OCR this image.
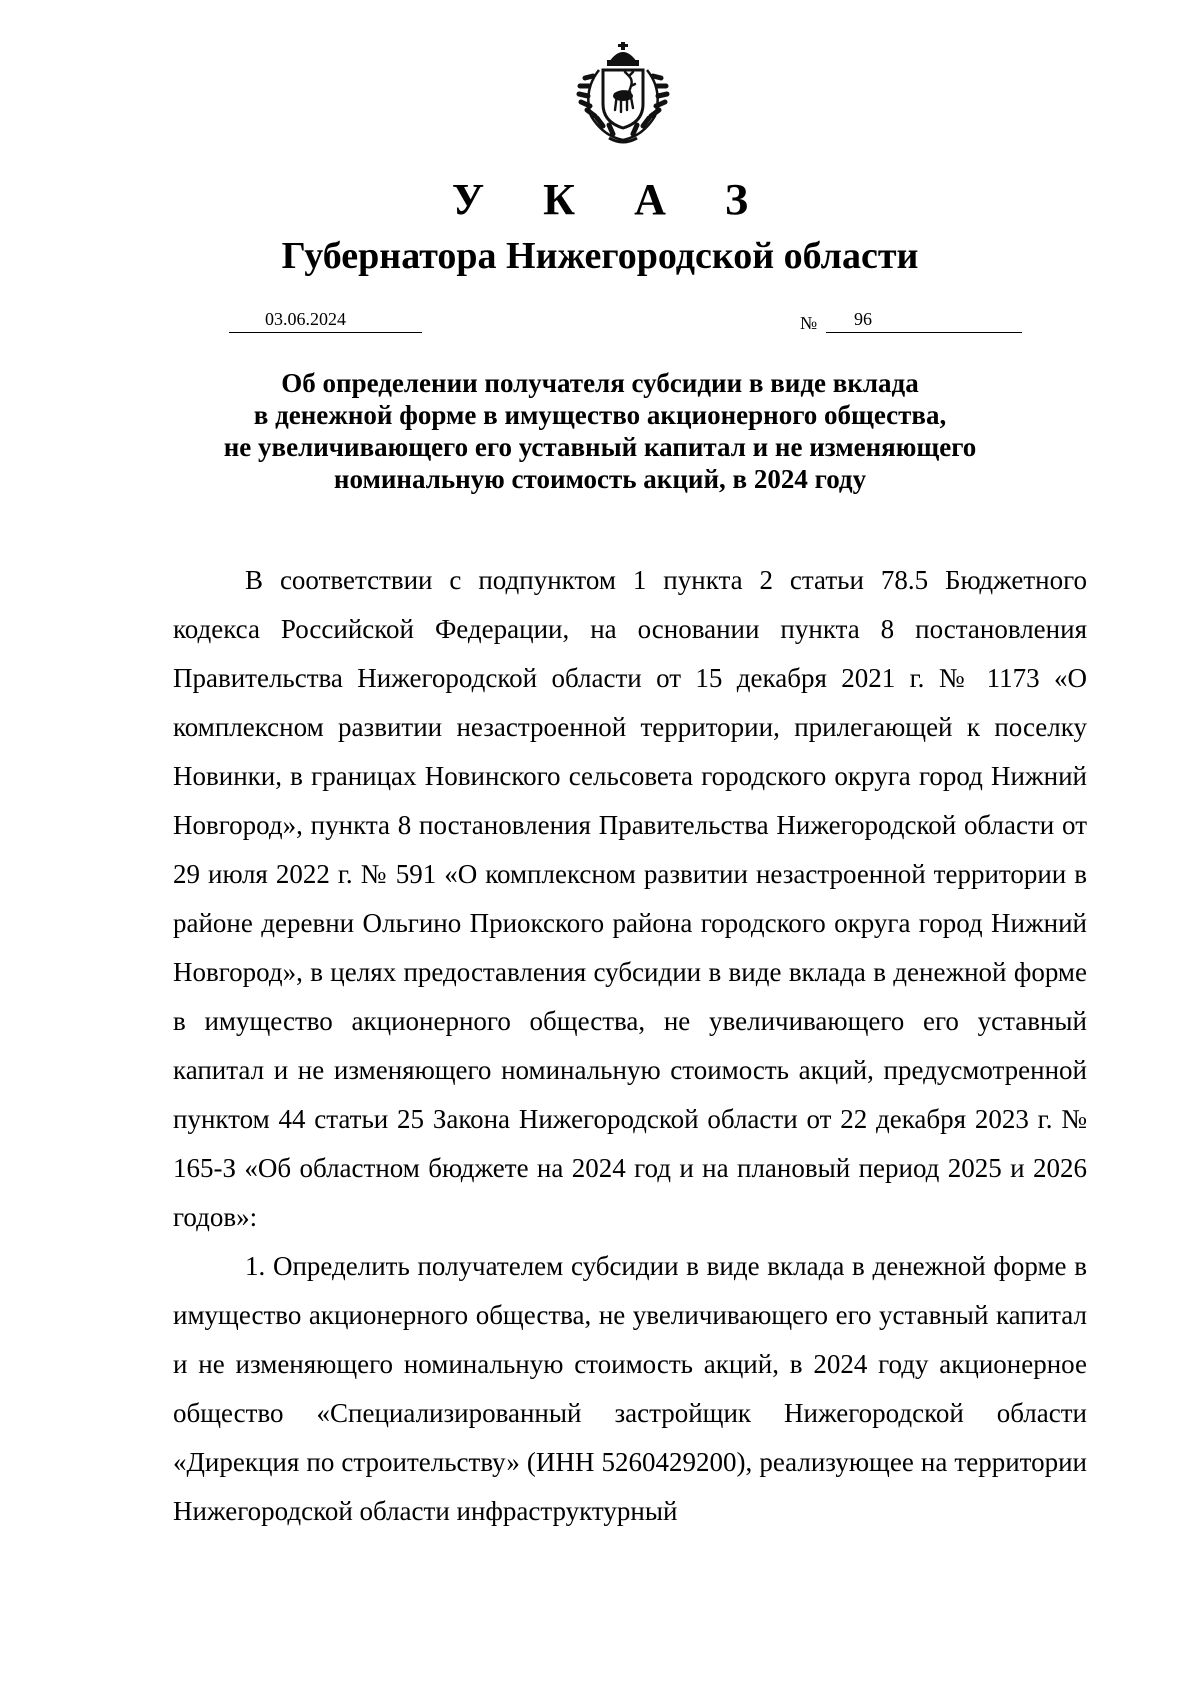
У К А З
Губернатора Нижегородской области
03.06.2024	№ 96
Об определении получателя субсидии в виде вклада
в денежной форме в имущество акционерного общества,
не увеличивающего его уставный капитал и не изменяющего
номинальную стоимость акций, в 2024 году

В соответствии с подпунктом 1 пункта 2 статьи 78.5 Бюджетного кодекса Российской Федерации, на основании пункта 8 постановления Правительства Нижегородской области от 15 декабря 2021 г. № 1173 «О комплексном развитии незастроенной территории, прилегающей к поселку Новинки, в границах Новинского сельсовета городского округа город Нижний Новгород», пункта 8 постановления Правительства Нижегородской области от 29 июля 2022 г. № 591 «О комплексном развитии незастроенной территории в районе деревни Ольгино Приокского района городского округа город Нижний Новгород», в целях предоставления субсидии в виде вклада в денежной форме в имущество акционерного общества, не увеличивающего его уставный капитал и не изменяющего номинальную стоимость акций, предусмотренной пунктом 44 статьи 25 Закона Нижегородской области от 22 декабря 2023 г. № 165-З «Об областном бюджете на 2024 год и на плановый период 2025 и 2026 годов»:

1. Определить получателем субсидии в виде вклада в денежной форме в имущество акционерного общества, не увеличивающего его уставный капитал и не изменяющего номинальную стоимость акций, в 2024 году акционерное общество «Специализированный застройщик Нижегородской области «Дирекция по строительству» (ИНН 5260429200), реализующее на территории Нижегородской области инфраструктурный
